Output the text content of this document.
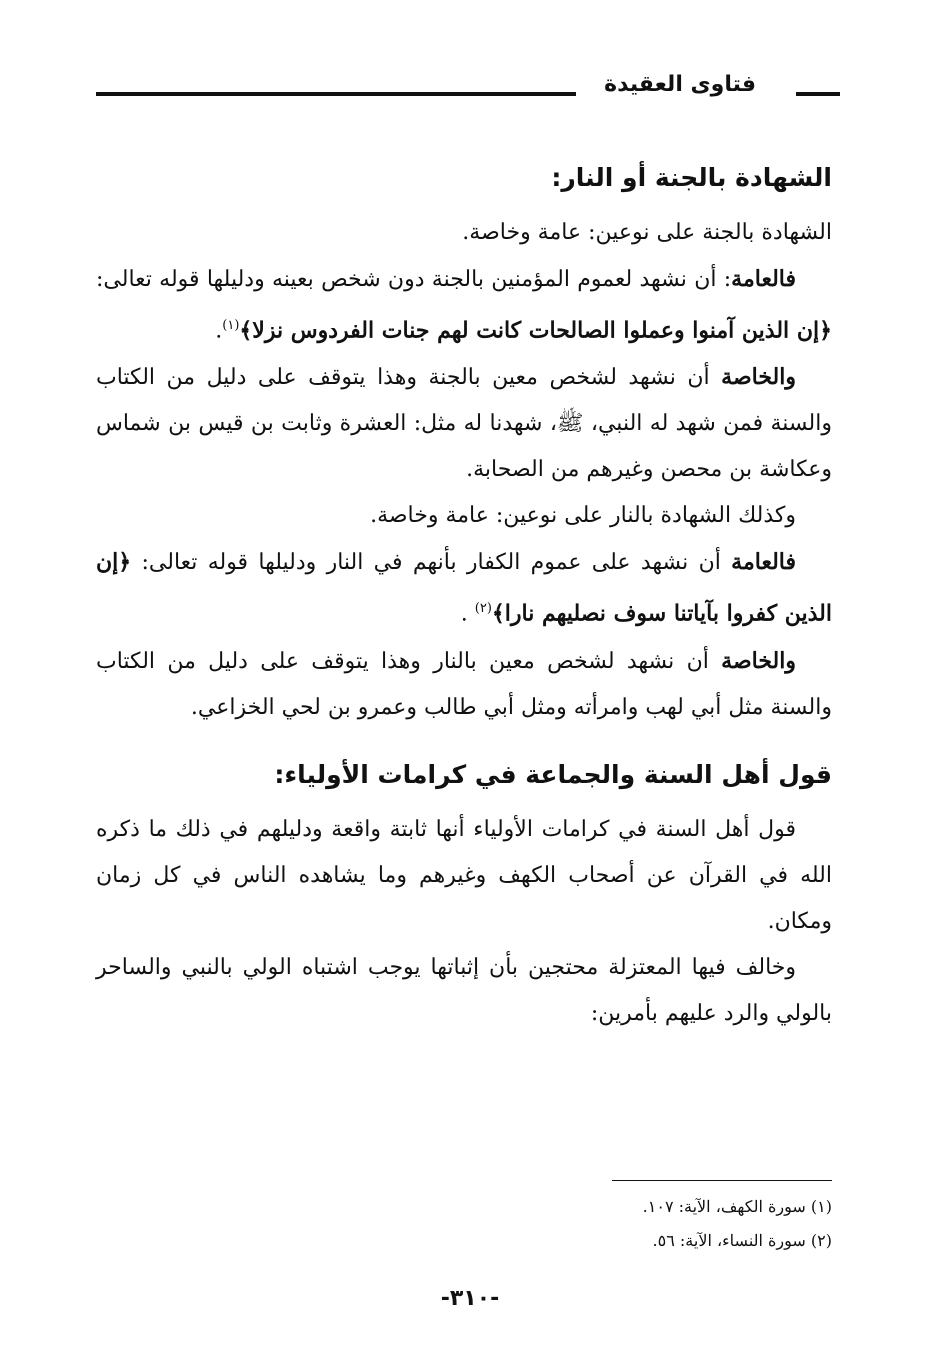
فتاوى العقيدة
الشهادة بالجنة أو النار:

الشهادة بالجنة على نوعين: عامة وخاصة.

فالعامة: أن نشهد لعموم المؤمنين بالجنة دون شخص بعينه ودليلها قوله تعالى: ﴿إن الذين آمنوا وعملوا الصالحات كانت لهم جنات الفردوس نزلا﴾$^{(١)}$.

والخاصة أن نشهد لشخص معين بالجنة وهذا يتوقف على دليل من الكتاب والسنة فمن شهد له النبي، ﷺ، شهدنا له مثل: العشرة وثابت بن قيس بن شماس وعكاشة بن محصن وغيرهم من الصحابة.

وكذلك الشهادة بالنار على نوعين: عامة وخاصة.

فالعامة أن نشهد على عموم الكفار بأنهم في النار ودليلها قوله تعالى: ﴿إن الذين كفروا بآياتنا سوف نصليهم نارا﴾$^{(٢)}$ .

والخاصة أن نشهد لشخص معين بالنار وهذا يتوقف على دليل من الكتاب والسنة مثل أبي لهب وامرأته ومثل أبي طالب وعمرو بن لحي الخزاعي.

قول أهل السنة والجماعة في كرامات الأولياء:

قول أهل السنة في كرامات الأولياء أنها ثابتة واقعة ودليلهم في ذلك ما ذكره الله في القرآن عن أصحاب الكهف وغيرهم وما يشاهده الناس في كل زمان ومكان.

وخالف فيها المعتزلة محتجين بأن إثباتها يوجب اشتباه الولي بالنبي والساحر بالولي والرد عليهم بأمرين:

(١) سورة الكهف، الآية: ١٠٧.
(٢) سورة النساء، الآية: ٥٦.
-٣١٠-
